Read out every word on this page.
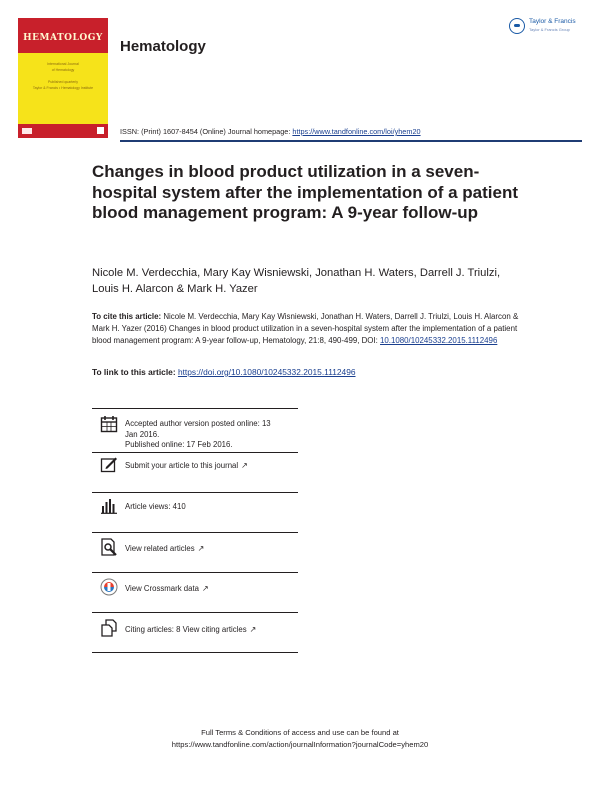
HEMATOLOGY
International Journal
of Hematology
Published quarterly
Taylor & Francis • Hematology Institute
Hematology
Taylor & Francis
Taylor & Francis Group
ISSN: (Print) 1607-8454 (Online) Journal homepage: https://www.tandfonline.com/loi/yhem20
Changes in blood product utilization in a seven-hospital system after the implementation of a patient blood management program: A 9-year follow-up
Nicole M. Verdecchia, Mary Kay Wisniewski, Jonathan H. Waters, Darrell J. Triulzi, Louis H. Alarcon & Mark H. Yazer
To cite this article: Nicole M. Verdecchia, Mary Kay Wisniewski, Jonathan H. Waters, Darrell J. Triulzi, Louis H. Alarcon & Mark H. Yazer (2016) Changes in blood product utilization in a seven-hospital system after the implementation of a patient blood management program: A 9-year follow-up, Hematology, 21:8, 490-499, DOI: 10.1080/10245332.2015.1112496
To link to this article: https://doi.org/10.1080/10245332.2015.1112496
Accepted author version posted online: 13
Jan 2016.
Published online: 17 Feb 2016.
Submit your article to this journal ↗
Article views: 410
View related articles ↗
View Crossmark data ↗
Citing articles: 8 View citing articles ↗
Full Terms & Conditions of access and use can be found at
https://www.tandfonline.com/action/journalInformation?journalCode=yhem20
